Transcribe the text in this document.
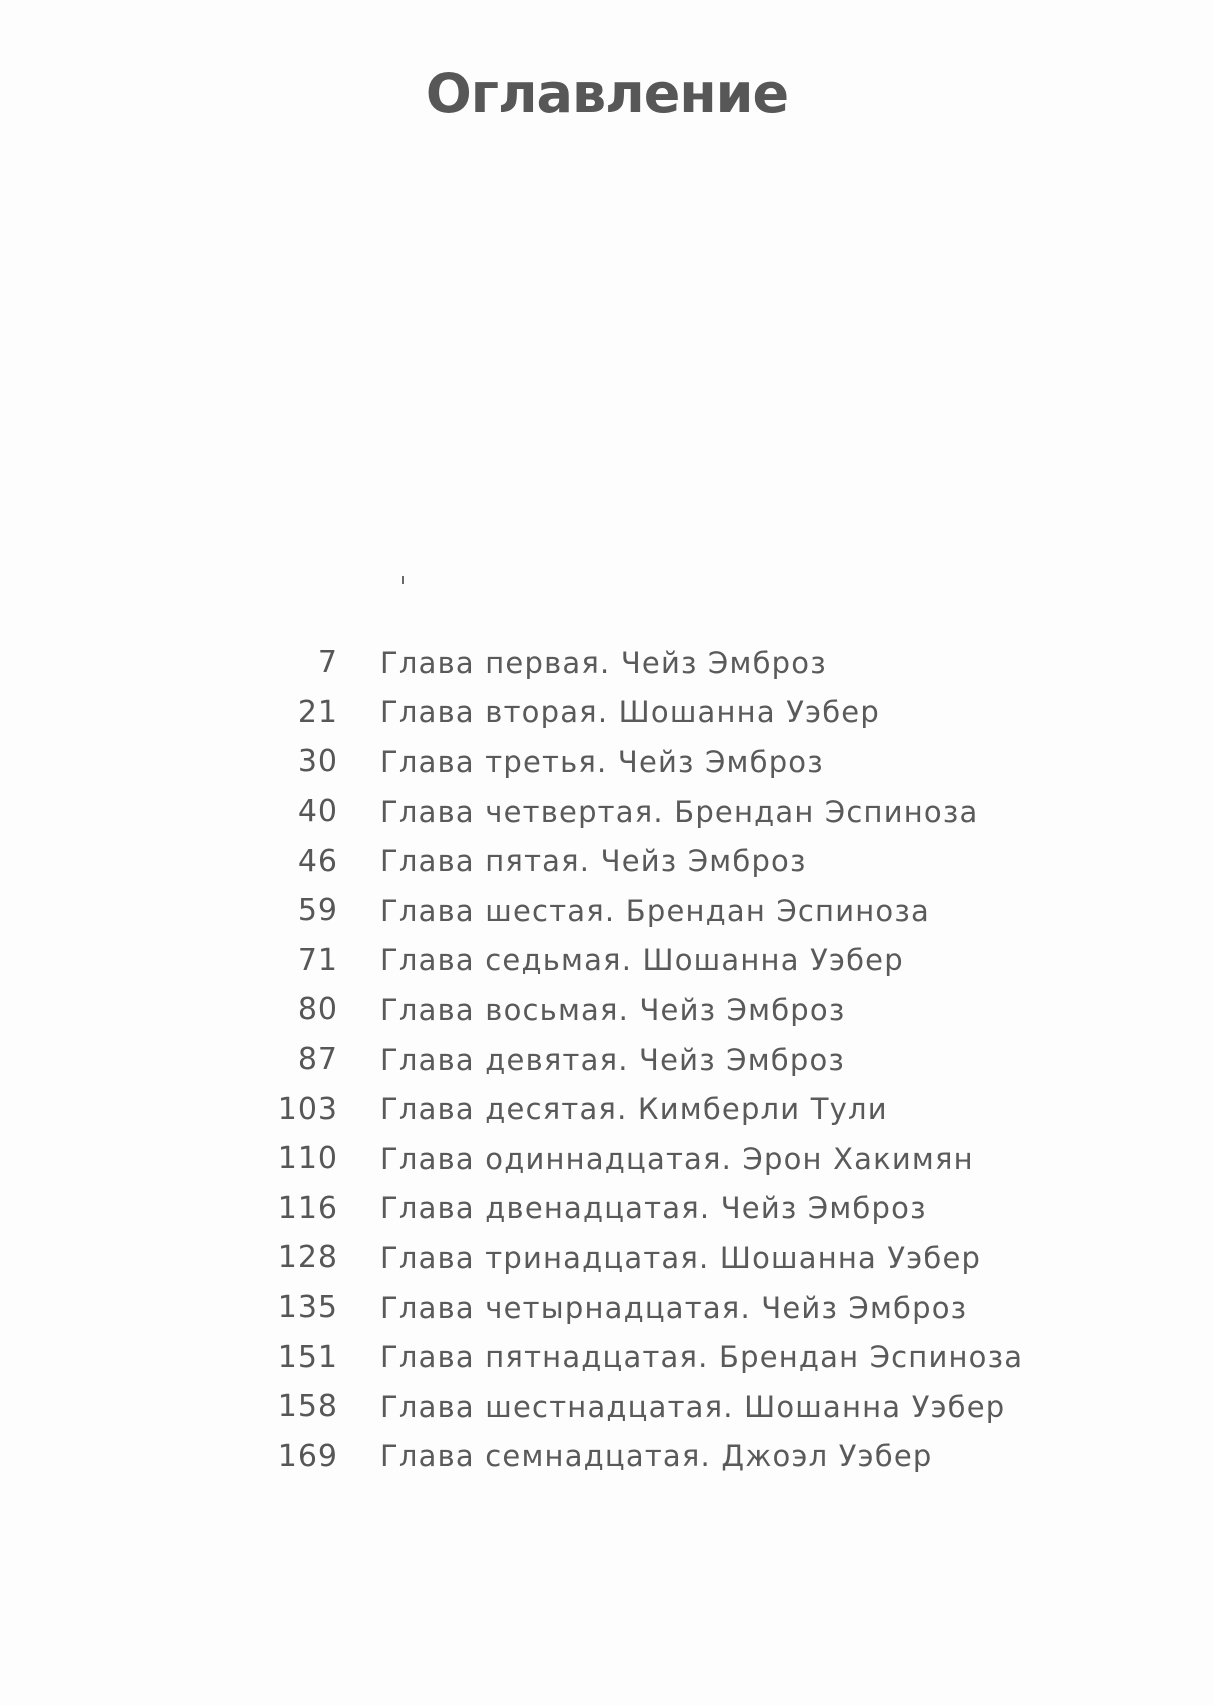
Оглавление
7 Глава первая. Чейз Эмброз
21 Глава вторая. Шошанна Уэбер
30 Глава третья. Чейз Эмброз
40 Глава четвертая. Брендан Эспиноза
46 Глава пятая. Чейз Эмброз
59 Глава шестая. Брендан Эспиноза
71 Глава седьмая. Шошанна Уэбер
80 Глава восьмая. Чейз Эмброз
87 Глава девятая. Чейз Эмброз
103 Глава десятая. Кимберли Тули
110 Глава одиннадцатая. Эрон Хакимян
116 Глава двенадцатая. Чейз Эмброз
128 Глава тринадцатая. Шошанна Уэбер
135 Глава четырнадцатая. Чейз Эмброз
151 Глава пятнадцатая. Брендан Эспиноза
158 Глава шестнадцатая. Шошанна Уэбер
169 Глава семнадцатая. Джоэл Уэбер
